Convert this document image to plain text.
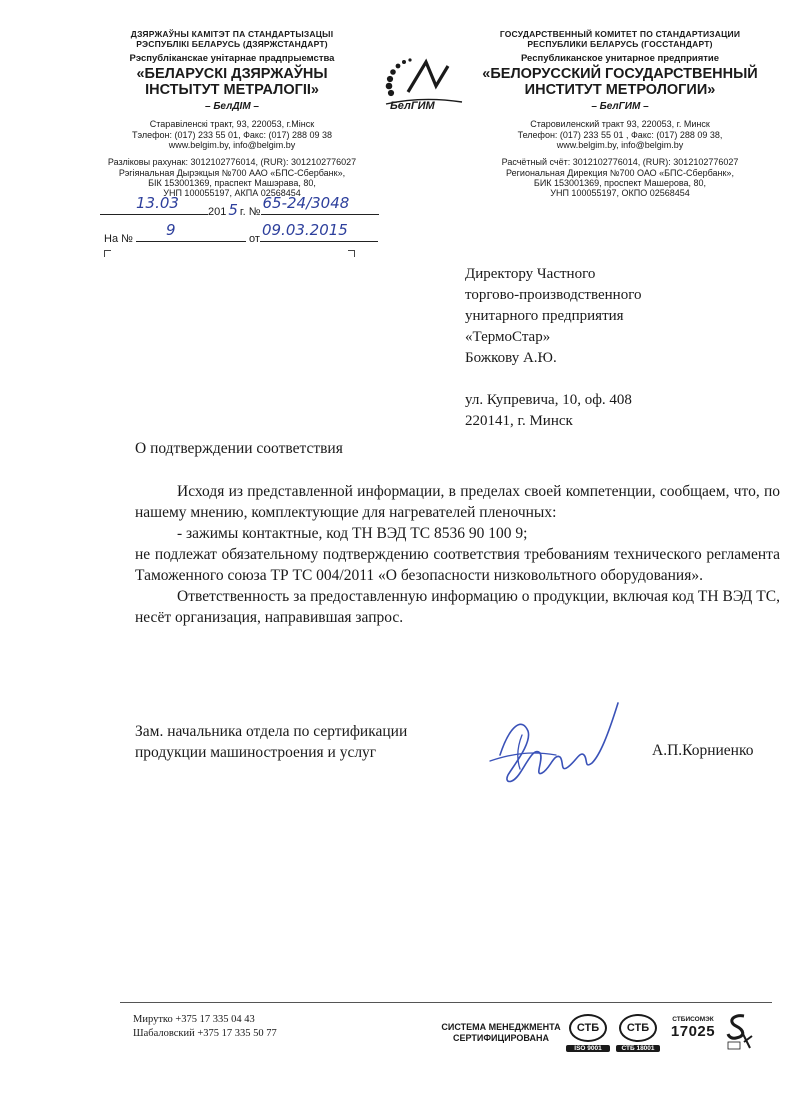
ДЗЯРЖАЎНЫ КАМІТЭТ ПА СТАНДАРТЫЗАЦЫІ РЭСПУБЛІКІ БЕЛАРУСЬ (ДЗЯРЖСТАНДАРТ)
Рэспубліканскае унітарнае прадпрыемства
«БЕЛАРУСКІ ДЗЯРЖАЎНЫ
ІНСТЫТУТ МЕТРАЛОГІІ»
– БелДІМ –
Старавіленскі тракт, 93, 220053, г.Мінск
Тэлефон: (017) 233 55 01, Факс: (017) 288 09 38
www.belgim.by, info@belgim.by
Разліковы рахунак: 3012102776014, (RUR): 3012102776027
Рэгіянальная Дырэкцыя №700 ААО «БПС-Сбербанк»,
БІК 153001369, праспект Машэрава, 80,
УНП 100055197, АКПА 02568454
БелГИМ
ГОСУДАРСТВЕННЫЙ КОМИТЕТ ПО СТАНДАРТИЗАЦИИ РЕСПУБЛИКИ БЕЛАРУСЬ (ГОССТАНДАРТ)
Республиканское унитарное предприятие
«БЕЛОРУССКИЙ ГОСУДАРСТВЕННЫЙ
ИНСТИТУТ МЕТРОЛОГИИ»
– БелГИМ –
Старовиленский тракт 93, 220053, г. Минск
Телефон: (017) 233 55 01 , Факс: (017) 288 09 38,
www.belgim.by, info@belgim.by
Расчётный счёт: 3012102776014, (RUR): 3012102776027
Региональная Дирекция №700 ОАО «БПС-Сбербанк»,
БИК 153001369, проспект Машерова, 80,
УНП 100055197, ОКПО 02568454
13.03	201 5 г. № 65-24/3048
На № 9	от 09.03.2015
Директору Частного
торгово-производственного
унитарного предприятия
«ТермоСтар»
Божкову А.Ю.
ул. Купревича, 10, оф. 408
220141, г. Минск
О подтверждении соответствия

Исходя из представленной информации, в пределах своей компетенции, сообщаем, что, по нашему мнению, комплектующие для нагревателей пленочных:

- зажимы контактные, код ТН ВЭД ТС 8536 90 100 9;

не подлежат обязательному подтверждению соответствия требованиям технического регламента Таможенного союза ТР ТС 004/2011 «О безопасности низковольтного оборудования».

Ответственность за предоставленную информацию о продукции, включая код ТН ВЭД ТС, несёт организация, направившая запрос.

Зам. начальника отдела по сертификации
продукции машиностроения и услуг	А.П.Корниенко
Мирутко +375 17 335 04 43
Шабаловский +375 17 335 50 77
СИСТЕМА МЕНЕДЖМЕНТА
СЕРТИФИЦИРОВАНА
СТБ
ISO 9001
СТБ
СТБ 18001
СТБИСОМЭК
17025
